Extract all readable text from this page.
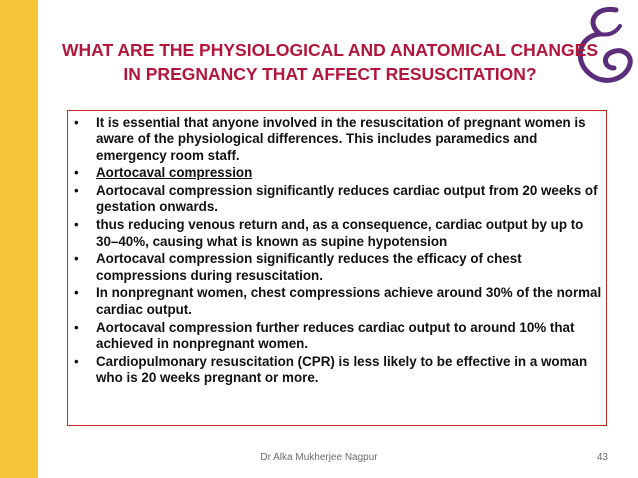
WHAT ARE THE PHYSIOLOGICAL AND ANATOMICAL CHANGES IN PREGNANCY THAT AFFECT RESUSCITATION?
• It is essential that anyone involved in the resuscitation of pregnant women is aware of the physiological differences. This includes paramedics and emergency room staff.
• Aortocaval compression
• Aortocaval compression significantly reduces cardiac output from 20 weeks of gestation onwards.
• thus reducing venous return and, as a consequence, cardiac output by up to 30–40%, causing what is known as supine hypotension
• Aortocaval compression significantly reduces the efficacy of chest compressions during resuscitation.
• In nonpregnant women, chest compressions achieve around 30% of the normal cardiac output.
• Aortocaval compression further reduces cardiac output to around 10% that achieved in nonpregnant women.
• Cardiopulmonary resuscitation (CPR) is less likely to be effective in a woman who is 20 weeks pregnant or more.
Dr Alka Mukherjee Nagpur	43
